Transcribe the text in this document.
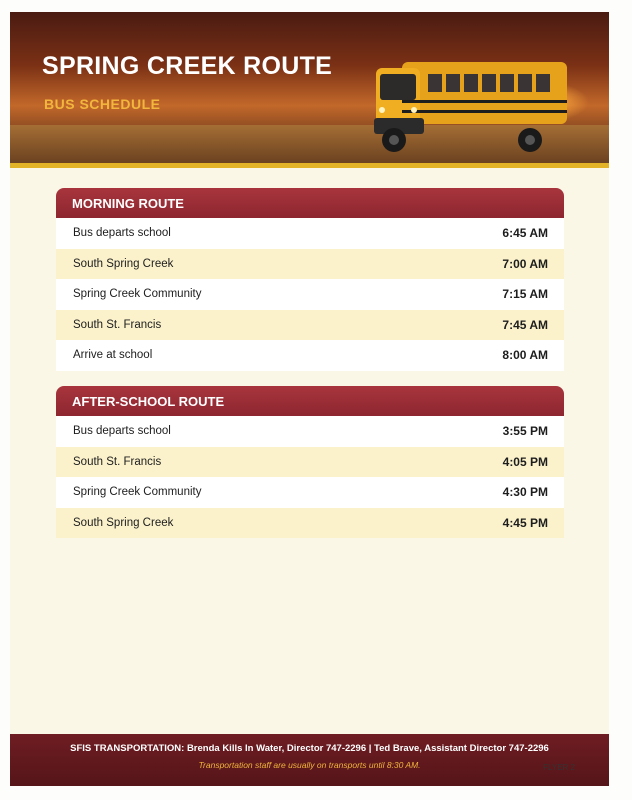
SPRING CREEK ROUTE
BUS SCHEDULE
MORNING ROUTE
Bus departs school	6:45 AM
South Spring Creek	7:00 AM
Spring Creek Community	7:15 AM
South St. Francis	7:45 AM
Arrive at school	8:00 AM
AFTER-SCHOOL ROUTE
Bus departs school	3:55 PM
South St. Francis	4:05 PM
Spring Creek Community	4:30 PM
South Spring Creek	4:45 PM
SFIS TRANSPORTATION: Brenda Kills In Water, Director 747-2296 | Ted Brave, Assistant Director 747-2296
Transportation staff are usually on transports until 8:30 AM.	FLYER 2
